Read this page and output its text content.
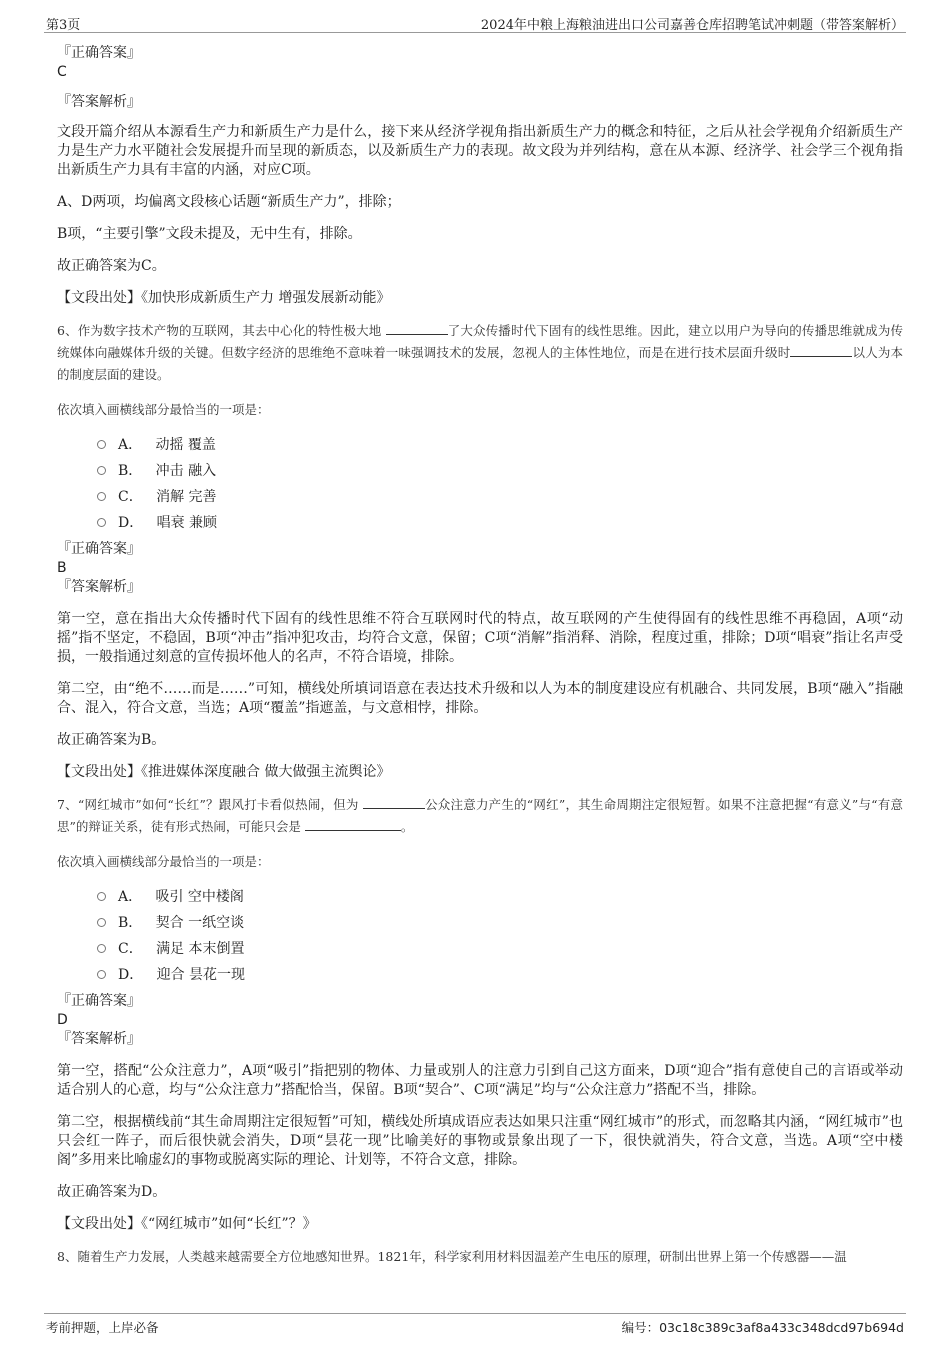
第3页	2024年中粮上海粮油进出口公司嘉善仓库招聘笔试冲刺题（带答案解析）
『正确答案』
C
『答案解析』
文段开篇介绍从本源看生产力和新质生产力是什么，接下来从经济学视角指出新质生产力的概念和特征，之后从社会学视角介绍新质生产力是生产力水平随社会发展提升而呈现的新质态，以及新质生产力的表现。故文段为并列结构，意在从本源、经济学、社会学三个视角指出新质生产力具有丰富的内涵，对应C项。
A、D两项，均偏离文段核心话题“新质生产力”，排除；
B项，“主要引擎”文段未提及，无中生有，排除。
故正确答案为C。
【文段出处】《加快形成新质生产力 增强发展新动能》
6、作为数字技术产物的互联网，其去中心化的特性极大地	了大众传播时代下固有的线性思维。因此，建立以用户为导向的传播思维就成为传统媒体向融媒体升级的关键。但数字经济的思维绝不意味着一味强调技术的发展，忽视人的主体性地位，而是在进行技术层面升级时	以人为本的制度层面的建设。
依次填入画横线部分最恰当的一项是：
A． 动摇 覆盖
B． 冲击 融入
C． 消解 完善
D． 唱衰 兼顾
『正确答案』
B
『答案解析』
第一空，意在指出大众传播时代下固有的线性思维不符合互联网时代的特点，故互联网的产生使得固有的线性思维不再稳固，A项“动摇”指不坚定，不稳固，B项“冲击”指冲犯攻击，均符合文意，保留；C项“消解”指消释、消除，程度过重，排除；D项“唱衰”指让名声受损，一般指通过刻意的宣传损坏他人的名声，不符合语境，排除。
第二空，由“绝不……而是……”可知，横线处所填词语意在表达技术升级和以人为本的制度建设应有机融合、共同发展，B项“融入”指融合、混入，符合文意，当选；A项“覆盖”指遮盖，与文意相悖，排除。
故正确答案为B。
【文段出处】《推进媒体深度融合 做大做强主流舆论》
7、“网红城市”如何“长红”？跟风打卡看似热闹，但为	公众注意力产生的“网红”，其生命周期注定很短暂。如果不注意把握“有意义”与“有意思”的辩证关系，徒有形式热闹，可能只会是	。
依次填入画横线部分最恰当的一项是：
A． 吸引 空中楼阁
B． 契合 一纸空谈
C． 满足 本末倒置
D． 迎合 昙花一现
『正确答案』
D
『答案解析』
第一空，搭配“公众注意力”，A项“吸引”指把别的物体、力量或别人的注意力引到自己这方面来，D项“迎合”指有意使自己的言语或举动适合别人的心意，均与“公众注意力”搭配恰当，保留。B项“契合”、C项“满足”均与“公众注意力”搭配不当，排除。
第二空，根据横线前“其生命周期注定很短暂”可知，横线处所填成语应表达如果只注重“网红城市”的形式，而忽略其内涵，“网红城市”也只会红一阵子，而后很快就会消失，D项“昙花一现”比喻美好的事物或景象出现了一下，很快就消失，符合文意，当选。A项“空中楼阁”多用来比喻虚幻的事物或脱离实际的理论、计划等，不符合文意，排除。
故正确答案为D。
【文段出处】《“网红城市”如何“长红”？》
8、随着生产力发展，人类越来越需要全方位地感知世界。1821年，科学家利用材料因温差产生电压的原理，研制出世界上第一个传感器——温
考前押题，上岸必备	编号：03c18c389c3af8a433c348dcd97b694d
